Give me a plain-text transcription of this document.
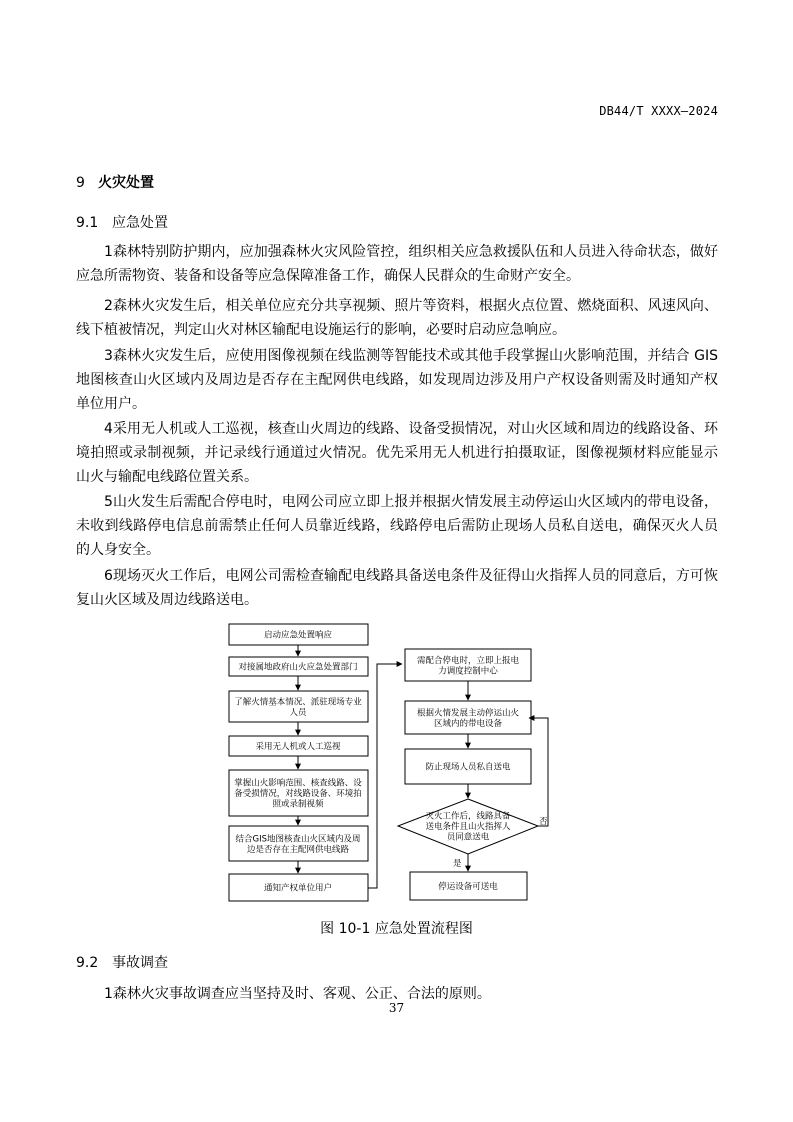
DB44/T XXXX—2024
9 火灾处置
9.1 应急处置
1森林特别防护期内，应加强森林火灾风险管控，组织相关应急救援队伍和人员进入待命状态，做好应急所需物资、装备和设备等应急保障准备工作，确保人民群众的生命财产安全。
2森林火灾发生后，相关单位应充分共享视频、照片等资料，根据火点位置、燃烧面积、风速风向、线下植被情况，判定山火对林区输配电设施运行的影响，必要时启动应急响应。
3森林火灾发生后，应使用图像视频在线监测等智能技术或其他手段掌握山火影响范围，并结合 GIS 地图核查山火区域内及周边是否存在主配网供电线路，如发现周边涉及用户产权设备则需及时通知产权单位用户。
4采用无人机或人工巡视，核查山火周边的线路、设备受损情况，对山火区域和周边的线路设备、环境拍照或录制视频，并记录线行通道过火情况。优先采用无人机进行拍摄取证，图像视频材料应能显示山火与输配电线路位置关系。
5山火发生后需配合停电时，电网公司应立即上报并根据火情发展主动停运山火区域内的带电设备，未收到线路停电信息前需禁止任何人员靠近线路，线路停电后需防止现场人员私自送电，确保灭火人员的人身安全。
6现场灭火工作后，电网公司需检查输配电线路具备送电条件及征得山火指挥人员的同意后，方可恢复山火区域及周边线路送电。
启动应急处置响应
对接属地政府山火应急处置部门
了解火情基本情况、派驻现场专业
人员
采用无人机或人工巡视
掌握山火影响范围、核查线路、设
备受损情况，对线路设备、环境拍
照或录制视频
结合GIS地图核查山火区域内及周
边是否存在主配网供电线路
通知产权单位用户
需配合停电时，立即上报电
力调度控制中心
根据火情发展主动停运山火
区域内的带电设备
防止现场人员私自送电
灭火工作后，线路具备
送电条件且山火指挥人
员同意送电
停运设备可送电
是
否
图 10-1 应急处置流程图
9.2 事故调查
1森林火灾事故调查应当坚持及时、客观、公正、合法的原则。
37
